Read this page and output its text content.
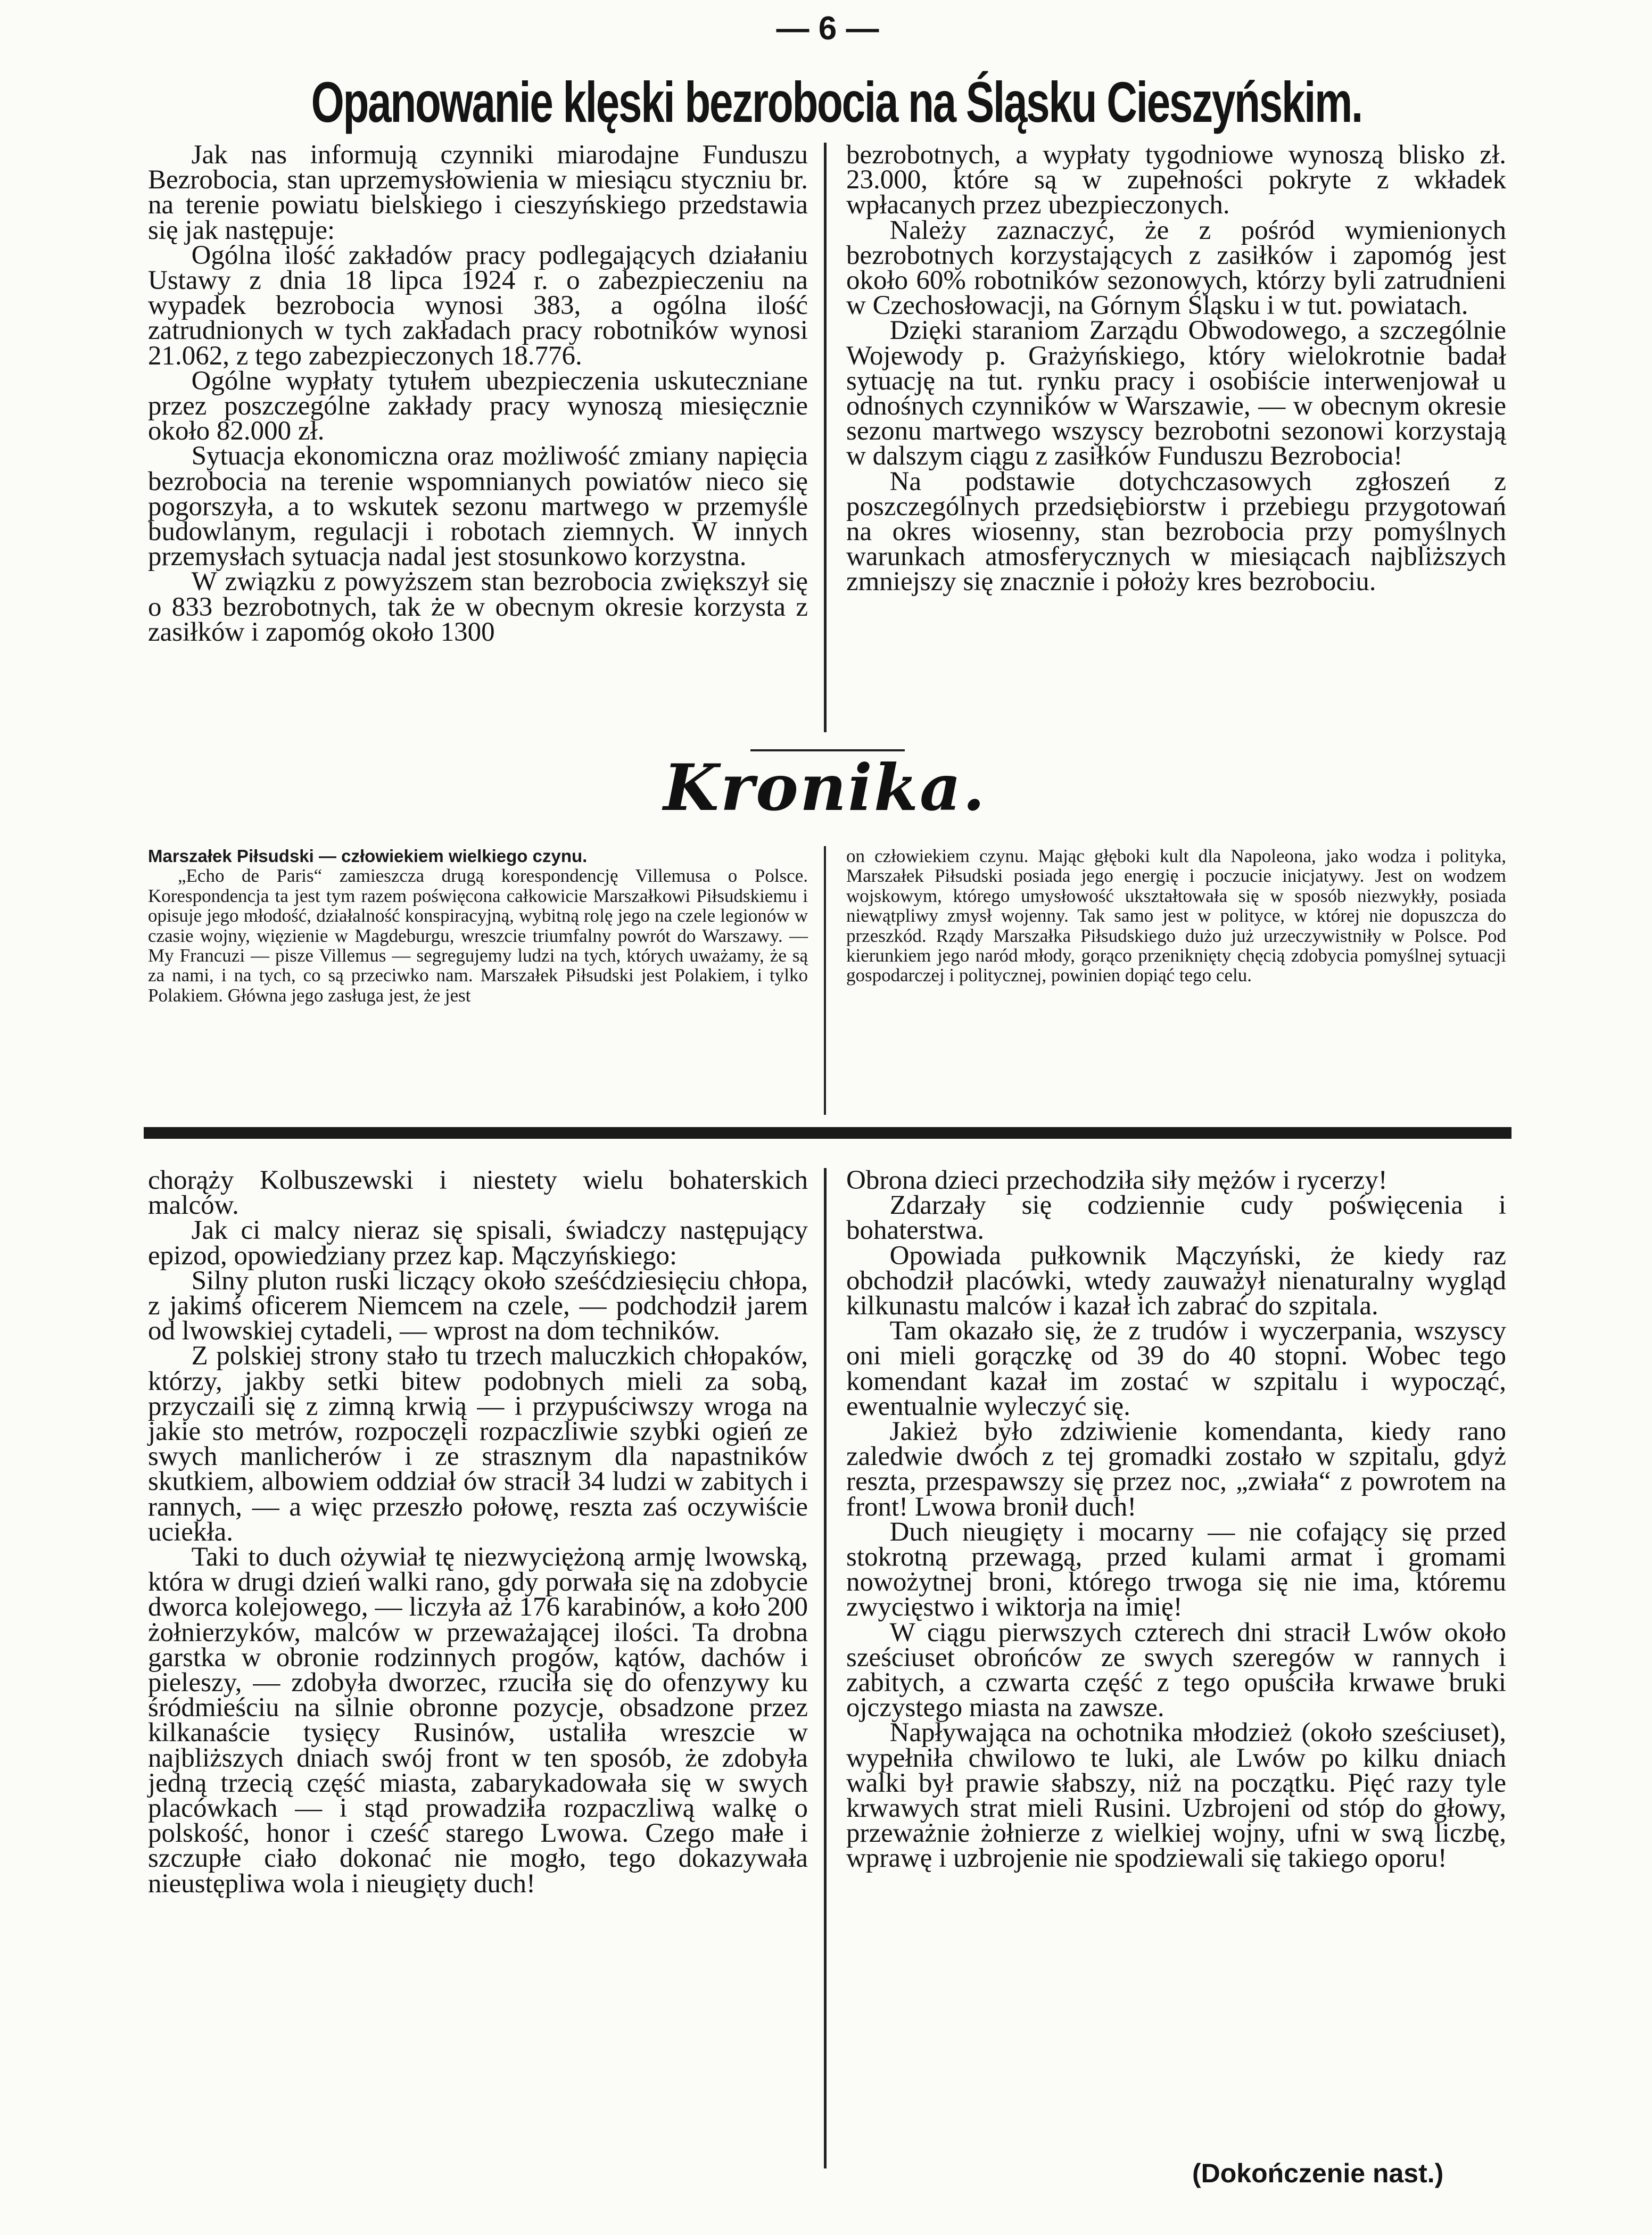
— 6 —
Opanowanie klęski bezrobocia na Śląsku Cieszyńskim.

Jak nas informują czynniki miarodajne Funduszu Bezrobocia, stan uprzemysłowienia w miesiącu styczniu br. na terenie powiatu bielskiego i cieszyńskiego przedstawia się jak następuje:

Ogólna ilość zakładów pracy podlegających działaniu Ustawy z dnia 18 lipca 1924 r. o zabezpieczeniu na wypadek bezrobocia wynosi 383, a ogólna ilość zatrudnionych w tych zakładach pracy robotników wynosi 21.062, z tego zabezpieczonych 18.776.

Ogólne wypłaty tytułem ubezpieczenia uskuteczniane przez poszczególne zakłady pracy wynoszą miesięcznie około 82.000 zł.

Sytuacja ekonomiczna oraz możliwość zmiany napięcia bezrobocia na terenie wspomnianych powiatów nieco się pogorszyła, a to wskutek sezonu martwego w przemyśle budowlanym, regulacji i robotach ziemnych. W innych przemysłach sytuacja nadal jest stosunkowo korzystna.

W związku z powyższem stan bezrobocia zwiększył się o 833 bezrobotnych, tak że w obecnym okresie korzysta z zasiłków i zapomóg około 1300

bezrobotnych, a wypłaty tygodniowe wynoszą blisko zł. 23.000, które są w zupełności pokryte z wkładek wpłacanych przez ubezpieczonych.

Należy zaznaczyć, że z pośród wymienionych bezrobotnych korzystających z zasiłków i zapomóg jest około 60% robotników sezonowych, którzy byli zatrudnieni w Czechosłowacji, na Górnym Śląsku i w tut. powiatach.

Dzięki staraniom Zarządu Obwodowego, a szczególnie Wojewody p. Grażyńskiego, który wielokrotnie badał sytuację na tut. rynku pracy i osobiście interwenjował u odnośnych czynników w Warszawie, — w obecnym okresie sezonu martwego wszyscy bezrobotni sezonowi korzystają w dalszym ciągu z zasiłków Funduszu Bezrobocia!

Na podstawie dotychczasowych zgłoszeń z poszczególnych przedsiębiorstw i przebiegu przygotowań na okres wiosenny, stan bezrobocia przy pomyślnych warunkach atmosferycznych w miesiącach najbliższych zmniejszy się znacznie i położy kres bezrobociu.

Kronika.

Marszałek Piłsudski — człowiekiem wielkiego czynu.

„Echo de Paris“ zamieszcza drugą korespondencję Villemusa o Polsce. Korespondencja ta jest tym razem poświęcona całkowicie Marszałkowi Piłsudskiemu i opisuje jego młodość, działalność konspiracyjną, wybitną rolę jego na czele legionów w czasie wojny, więzienie w Magdeburgu, wreszcie triumfalny powrót do Warszawy. — My Francuzi — pisze Villemus — segregujemy ludzi na tych, których uważamy, że są za nami, i na tych, co są przeciwko nam. Marszałek Piłsudski jest Polakiem, i tylko Polakiem. Główna jego zasługa jest, że jest

on człowiekiem czynu. Mając głęboki kult dla Napoleona, jako wodza i polityka, Marszałek Piłsudski posiada jego energię i poczucie inicjatywy. Jest on wodzem wojskowym, którego umysłowość ukształtowała się w sposób niezwykły, posiada niewątpliwy zmysł wojenny. Tak samo jest w polityce, w której nie dopuszcza do przeszkód. Rządy Marszałka Piłsudskiego dużo już urzeczywistniły w Polsce. Pod kierunkiem jego naród młody, gorąco przeniknięty chęcią zdobycia pomyślnej sytuacji gospodarczej i politycznej, powinien dopiąć tego celu.

chorąży Kolbuszewski i niestety wielu bohaterskich malców.

Jak ci malcy nieraz się spisali, świadczy następujący epizod, opowiedziany przez kap. Mączyńskiego:

Silny pluton ruski liczący około sześćdziesięciu chłopa, z jakimś oficerem Niemcem na czele, — podchodził jarem od lwowskiej cytadeli, — wprost na dom techników.

Z polskiej strony stało tu trzech maluczkich chłopaków, którzy, jakby setki bitew podobnych mieli za sobą, przyczaili się z zimną krwią — i przypuściwszy wroga na jakie sto metrów, rozpoczęli rozpaczliwie szybki ogień ze swych manlicherów i ze strasznym dla napastników skutkiem, albowiem oddział ów stracił 34 ludzi w zabitych i rannych, — a więc przeszło połowę, reszta zaś oczywiście uciekła.

Taki to duch ożywiał tę niezwyciężoną armję lwowską, która w drugi dzień walki rano, gdy porwała się na zdobycie dworca kolejowego, — liczyła aż 176 karabinów, a koło 200 żołnierzyków, malców w przeważającej ilości. Ta drobna garstka w obronie rodzinnych progów, kątów, dachów i pieleszy, — zdobyła dworzec, rzuciła się do ofenzywy ku śródmieściu na silnie obronne pozycje, obsadzone przez kilkanaście tysięcy Rusinów, ustaliła wreszcie w najbliższych dniach swój front w ten sposób, że zdobyła jedną trzecią część miasta, zabarykadowała się w swych placówkach — i stąd prowadziła rozpaczliwą walkę o polskość, honor i cześć starego Lwowa. Czego małe i szczupłe ciało dokonać nie mogło, tego dokazywała nieustępliwa wola i nieugięty duch!

Obrona dzieci przechodziła siły mężów i rycerzy!

Zdarzały się codziennie cudy poświęcenia i bohaterstwa.

Opowiada pułkownik Mączyński, że kiedy raz obchodził placówki, wtedy zauważył nienaturalny wygląd kilkunastu malców i kazał ich zabrać do szpitala.

Tam okazało się, że z trudów i wyczerpania, wszyscy oni mieli gorączkę od 39 do 40 stopni. Wobec tego komendant kazał im zostać w szpitalu i wypocząć, ewentualnie wyleczyć się.

Jakież było zdziwienie komendanta, kiedy rano zaledwie dwóch z tej gromadki zostało w szpitalu, gdyż reszta, przespawszy się przez noc, „zwiała“ z powrotem na front! Lwowa bronił duch!

Duch nieugięty i mocarny — nie cofający się przed stokrotną przewagą, przed kulami armat i gromami nowożytnej broni, którego trwoga się nie ima, któremu zwycięstwo i wiktorja na imię!

W ciągu pierwszych czterech dni stracił Lwów około sześciuset obrońców ze swych szeregów w rannych i zabitych, a czwarta część z tego opuściła krwawe bruki ojczystego miasta na zawsze.

Napływająca na ochotnika młodzież (około sześciuset), wypełniła chwilowo te luki, ale Lwów po kilku dniach walki był prawie słabszy, niż na początku. Pięć razy tyle krwawych strat mieli Rusini. Uzbrojeni od stóp do głowy, przeważnie żołnierze z wielkiej wojny, ufni w swą liczbę, wprawę i uzbrojenie nie spodziewali się takiego oporu!

(Dokończenie nast.)
